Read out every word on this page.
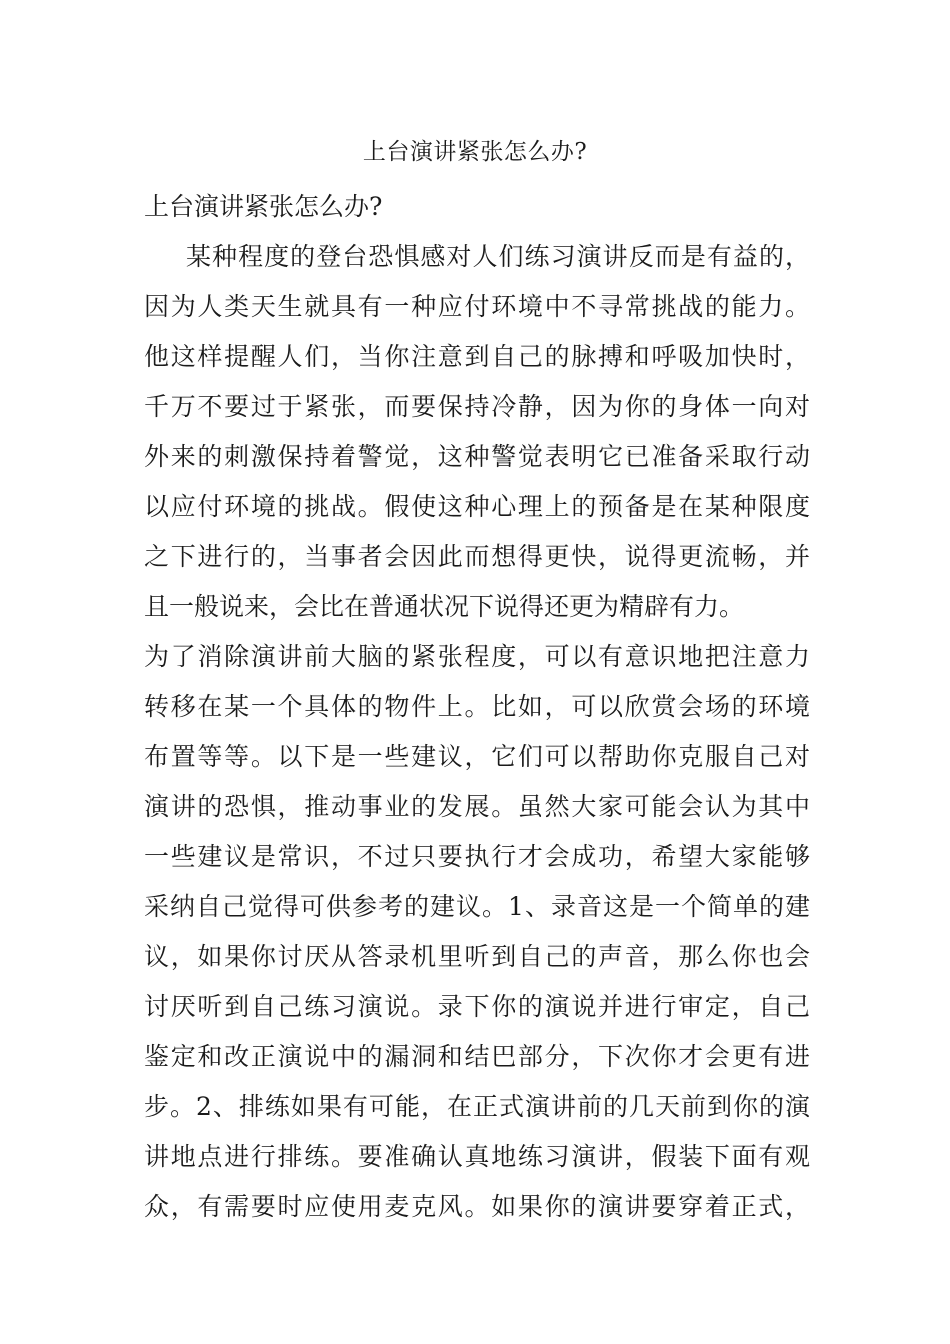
上台演讲紧张怎么办?
上台演讲紧张怎么办?
某种程度的登台恐惧感对人们练习演讲反而是有益的，
因为人类天生就具有一种应付环境中不寻常挑战的能力。
他这样提醒人们，当你注意到自己的脉搏和呼吸加快时，
千万不要过于紧张，而要保持冷静，因为你的身体一向对
外来的刺激保持着警觉，这种警觉表明它已准备采取行动
以应付环境的挑战。假使这种心理上的预备是在某种限度
之下进行的，当事者会因此而想得更快，说得更流畅，并
且一般说来，会比在普通状况下说得还更为精辟有力。
为了消除演讲前大脑的紧张程度，可以有意识地把注意力
转移在某一个具体的物件上。比如，可以欣赏会场的环境
布置等等。以下是一些建议，它们可以帮助你克服自己对
演讲的恐惧，推动事业的发展。虽然大家可能会认为其中
一些建议是常识，不过只要执行才会成功，希望大家能够
采纳自己觉得可供参考的建议。1、录音这是一个简单的建
议，如果你讨厌从答录机里听到自己的声音，那么你也会
讨厌听到自己练习演说。录下你的演说并进行审定，自己
鉴定和改正演说中的漏洞和结巴部分，下次你才会更有进
步。2、排练如果有可能，在正式演讲前的几天前到你的演
讲地点进行排练。要准确认真地练习演讲，假装下面有观
众，有需要时应使用麦克风。如果你的演讲要穿着正式，
